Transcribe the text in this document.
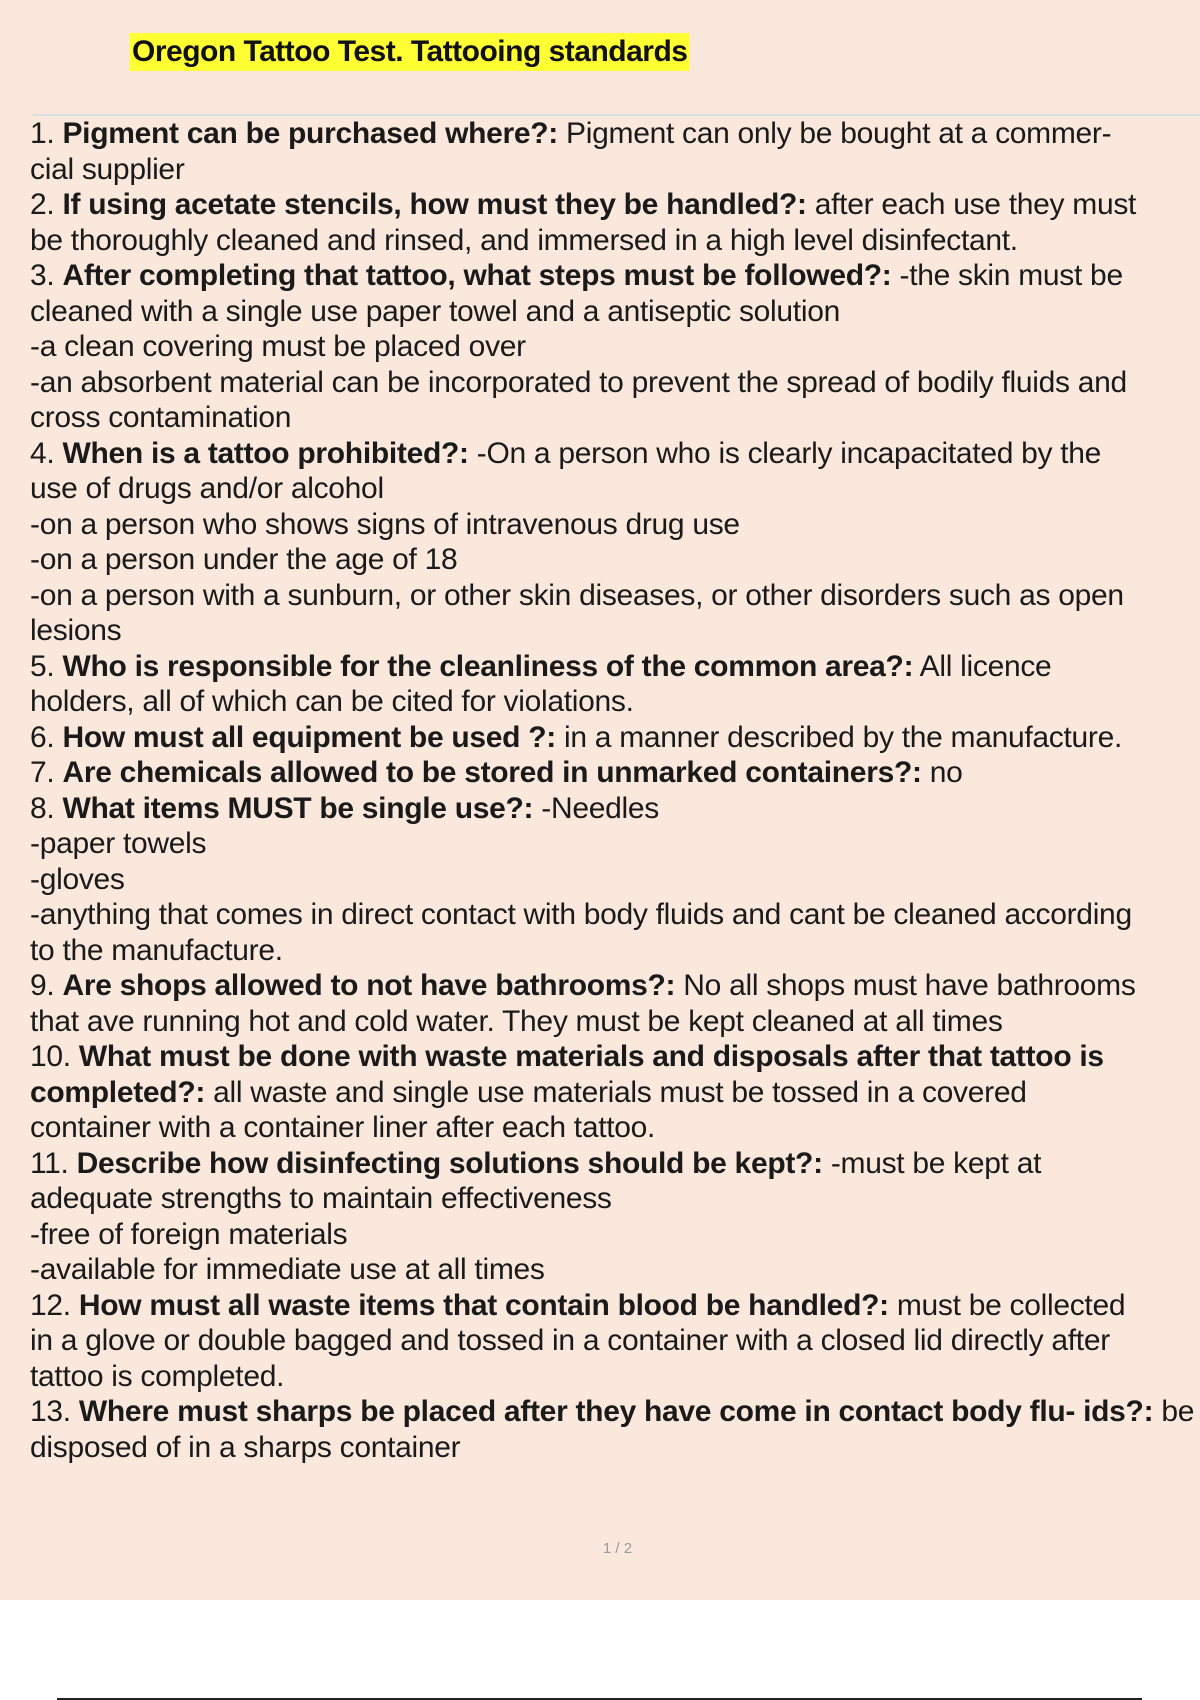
Oregon Tattoo Test. Tattooing standards

1. Pigment can be purchased where?: Pigment can only be bought at a commer-
cial supplier

2. If using acetate stencils, how must they be handled?: after each use they must
be thoroughly cleaned and rinsed, and immersed in a high level disinfectant.

3. After completing that tattoo, what steps must be followed?: -the skin must be
cleaned with a single use paper towel and a antiseptic solution
-a clean covering must be placed over
-an absorbent material can be incorporated to prevent the spread of bodily fluids and
cross contamination

4. When is a tattoo prohibited?: -On a person who is clearly incapacitated by the
use of drugs and/or alcohol
-on a person who shows signs of intravenous drug use
-on a person under the age of 18
-on a person with a sunburn, or other skin diseases, or other disorders such as open
lesions

5. Who is responsible for the cleanliness of the common area?: All licence
holders, all of which can be cited for violations.

6. How must all equipment be used ?: in a manner described by the manufacture.

7. Are chemicals allowed to be stored in unmarked containers?: no

8. What items MUST be single use?: -Needles
-paper towels
-gloves
-anything that comes in direct contact with body fluids and cant be cleaned according
to the manufacture.

9. Are shops allowed to not have bathrooms?: No all shops must have bathrooms
that ave running hot and cold water. They must be kept cleaned at all times

10. What must be done with waste materials and disposals after that tattoo is completed?: all waste and single use materials must be tossed in a covered
container with a container liner after each tattoo.

11. Describe how disinfecting solutions should be kept?: -must be kept at
adequate strengths to maintain effectiveness
-free of foreign materials
-available for immediate use at all times

12. How must all waste items that contain blood be handled?: must be collected
in a glove or double bagged and tossed in a container with a closed lid directly after
tattoo is completed.

13. Where must sharps be placed after they have come in contact body flu- ids?: be disposed of in a sharps container

1 / 2
